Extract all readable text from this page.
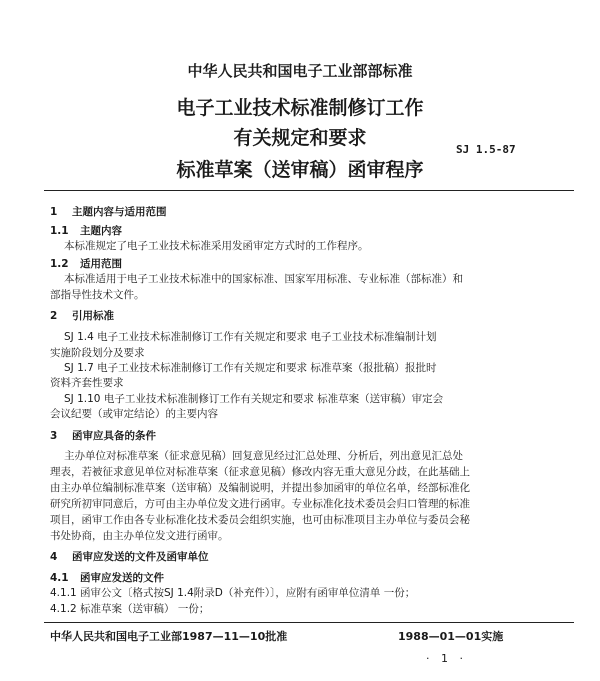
中华人民共和国电子工业部部标准
电子工业技术标准制修订工作
有关规定和要求
标准草案（送审稿）函审程序
SJ 1.5-87
1 主题内容与适用范围
1.1 主题内容
本标准规定了电子工业技术标准采用发函审定方式时的工作程序。
1.2 适用范围
本标准适用于电子工业技术标准中的国家标准、国家军用标准、专业标准（部标准）和
部指导性技术文件。
2 引用标准
SJ 1.4 电子工业技术标准制修订工作有关规定和要求 电子工业技术标准编制计划
实施阶段划分及要求
SJ 1.7 电子工业技术标准制修订工作有关规定和要求 标准草案（报批稿）报批时
资料齐套性要求
SJ 1.10 电子工业技术标准制修订工作有关规定和要求 标准草案（送审稿）审定会
会议纪要（或审定结论）的主要内容
3 函审应具备的条件
主办单位对标准草案（征求意见稿）回复意见经过汇总处理、分析后，列出意见汇总处
理表，若被征求意见单位对标准草案（征求意见稿）修改内容无重大意见分歧，在此基础上
由主办单位编制标准草案（送审稿）及编制说明，并提出参加函审的单位名单，经部标准化
研究所初审同意后，方可由主办单位发文进行函审。专业标准化技术委员会归口管理的标准
项目，函审工作由各专业标准化技术委员会组织实施，也可由标准项目主办单位与委员会秘
书处协商，由主办单位发文进行函审。
4 函审应发送的文件及函审单位
4.1 函审应发送的文件
4.1.1 函审公文〔格式按SJ 1.4附录D（补充件）〕，应附有函审单位清单 一份；
4.1.2 标准草案（送审稿） 一份；
中华人民共和国电子工业部1987—11—10批准	1988—01—01实施
· 1 ·
